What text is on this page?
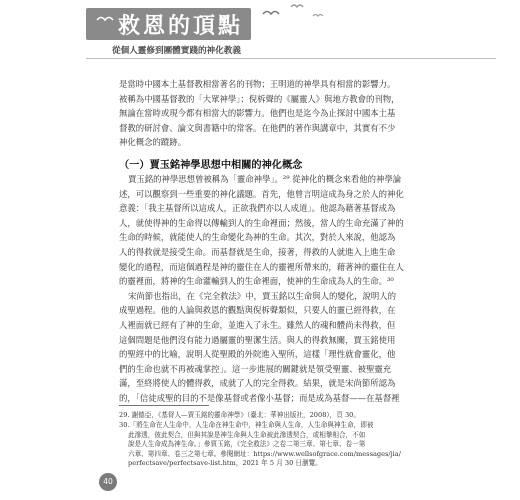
救恩的頂點
從個人靈修到團體實踐的神化教義
是當時中國本土基督教相當著名的刊物；王明道的神學具有相當的影響力。
被稱為中國基督教的「大眾神學」；倪柝聲的《屬靈人》與地方教會的刊物，
無論在當時或現今都有相當大的影響力。他們也是迄今為止探討中國本土基
督教的研討會、論文與書籍中的常客。在他們的著作與講章中，其實有不少
神化概念的蹤跡。
（一）賈玉銘神學思想中相關的神化概念
賈玉銘的神學思想曾被稱為「靈命神學」。²⁹ 從神化的概念來看他的神學論
述，可以觀察到一些重要的神化議題。首先，他曾言明這成為身之於人的神化
意義：「我主基督所以這成人，正欲我們亦以人成道」。他認為藉著基督成為
人，就使得神的生命得以傳輸到人的生命裡面；然後，當人的生命充滿了神的
生命的時候，就能使人的生命變化為神的生命。其次，對於人來說，他認為
人的得救就是接受生命。而基督就是生命，接著，得救的人就進入上進生命
變化的過程，而這個過程是神的靈住在人的靈裡所帶來的，藉著神的靈住在人
的靈裡面，將神的生命灌輸到人的生命裡面，使神的生命成為人的生命。³⁰
宋尚節也指出，在《完全救法》中，賈玉銘以生命與人的變化，說明人的
成聖過程。他的人論與救恩的觀點與倪柝聲類似，只要人的靈已經得救，在
人裡面就已經有了神的生命，並進入了永生。雖然人的魂和體尚未得救，但
這個問題是他們沒有能力過屬靈的聖潔生活。與人的得救無關，賈玉銘使用
的聖經中的比喻，說明人從聖殿的外院進入聖所，這樣「理性就會靈化，他
們的生命也就不再被魂掌控」。這一步進展的關鍵就是領受聖靈、被聖靈充
滿，至終將使人的體得救，成就了人的完全得救。結果，就是宋尚節所認為
的，「信徒成聖的目的不是像基督或者像小基督；而是成為基督——在基督裡
29. 謝德亞，《基督人—賈玉銘的靈命神學》（臺北：華神出版社，2008），頁 30。
30.「將生命在人生命中，人生命在神生命中，神生命與人生命，人生命與神生命，即被
此滲透，彼此契合，但與其說是神生命與人生命被此滲透契合，或相摯相合，不如
說是人生命成為神生命。」參賈玉銘，《完全救法》之卷二第三章、第七章、卷一第
六章、第四章、卷三之第七章。參閱網址：https://www.wellsofgrace.com/messages/jia/
perfectsave/perfectsave-list.htm，2021 年 5 月 30 日瀏覽。
40
